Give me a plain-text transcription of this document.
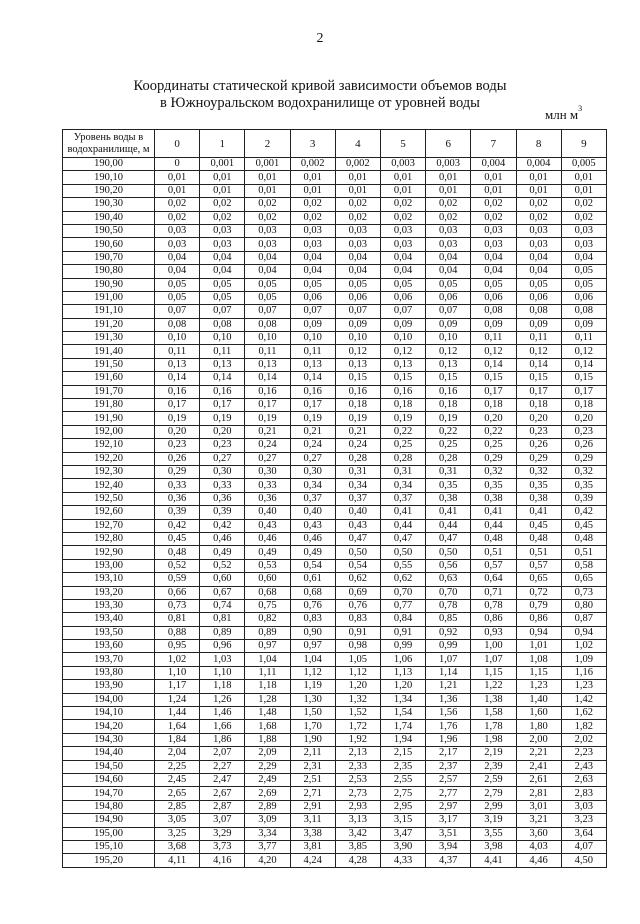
2
Координаты статической кривой зависимости объемов воды
в Южноуральском водохранилище от уровней воды
млн $м^3$
Уровень воды в водохранилище, м	0	1	2	3	4	5	6	7	8	9
190,00	0	0,001	0,001	0,002	0,002	0,003	0,003	0,004	0,004	0,005
190,10	0,01	0,01	0,01	0,01	0,01	0,01	0,01	0,01	0,01	0,01
190,20	0,01	0,01	0,01	0,01	0,01	0,01	0,01	0,01	0,01	0,01
190,30	0,02	0,02	0,02	0,02	0,02	0,02	0,02	0,02	0,02	0,02
190,40	0,02	0,02	0,02	0,02	0,02	0,02	0,02	0,02	0,02	0,02
190,50	0,03	0,03	0,03	0,03	0,03	0,03	0,03	0,03	0,03	0,03
190,60	0,03	0,03	0,03	0,03	0,03	0,03	0,03	0,03	0,03	0,03
190,70	0,04	0,04	0,04	0,04	0,04	0,04	0,04	0,04	0,04	0,04
190,80	0,04	0,04	0,04	0,04	0,04	0,04	0,04	0,04	0,04	0,05
190,90	0,05	0,05	0,05	0,05	0,05	0,05	0,05	0,05	0,05	0,05
191,00	0,05	0,05	0,05	0,06	0,06	0,06	0,06	0,06	0,06	0,06
191,10	0,07	0,07	0,07	0,07	0,07	0,07	0,07	0,08	0,08	0,08
191,20	0,08	0,08	0,08	0,09	0,09	0,09	0,09	0,09	0,09	0,09
191,30	0,10	0,10	0,10	0,10	0,10	0,10	0,10	0,11	0,11	0,11
191,40	0,11	0,11	0,11	0,11	0,12	0,12	0,12	0,12	0,12	0,12
191,50	0,13	0,13	0,13	0,13	0,13	0,13	0,13	0,14	0,14	0,14
191,60	0,14	0,14	0,14	0,14	0,15	0,15	0,15	0,15	0,15	0,15
191,70	0,16	0,16	0,16	0,16	0,16	0,16	0,16	0,17	0,17	0,17
191,80	0,17	0,17	0,17	0,17	0,18	0,18	0,18	0,18	0,18	0,18
191,90	0,19	0,19	0,19	0,19	0,19	0,19	0,19	0,20	0,20	0,20
192,00	0,20	0,20	0,21	0,21	0,21	0,22	0,22	0,22	0,23	0,23
192,10	0,23	0,23	0,24	0,24	0,24	0,25	0,25	0,25	0,26	0,26
192,20	0,26	0,27	0,27	0,27	0,28	0,28	0,28	0,29	0,29	0,29
192,30	0,29	0,30	0,30	0,30	0,31	0,31	0,31	0,32	0,32	0,32
192,40	0,33	0,33	0,33	0,34	0,34	0,34	0,35	0,35	0,35	0,35
192,50	0,36	0,36	0,36	0,37	0,37	0,37	0,38	0,38	0,38	0,39
192,60	0,39	0,39	0,40	0,40	0,40	0,41	0,41	0,41	0,41	0,42
192,70	0,42	0,42	0,43	0,43	0,43	0,44	0,44	0,44	0,45	0,45
192,80	0,45	0,46	0,46	0,46	0,47	0,47	0,47	0,48	0,48	0,48
192,90	0,48	0,49	0,49	0,49	0,50	0,50	0,50	0,51	0,51	0,51
193,00	0,52	0,52	0,53	0,54	0,54	0,55	0,56	0,57	0,57	0,58
193,10	0,59	0,60	0,60	0,61	0,62	0,62	0,63	0,64	0,65	0,65
193,20	0,66	0,67	0,68	0,68	0,69	0,70	0,70	0,71	0,72	0,73
193,30	0,73	0,74	0,75	0,76	0,76	0,77	0,78	0,78	0,79	0,80
193,40	0,81	0,81	0,82	0,83	0,83	0,84	0,85	0,86	0,86	0,87
193,50	0,88	0,89	0,89	0,90	0,91	0,91	0,92	0,93	0,94	0,94
193,60	0,95	0,96	0,97	0,97	0,98	0,99	0,99	1,00	1,01	1,02
193,70	1,02	1,03	1,04	1,04	1,05	1,06	1,07	1,07	1,08	1,09
193,80	1,10	1,10	1,11	1,12	1,12	1,13	1,14	1,15	1,15	1,16
193,90	1,17	1,18	1,18	1,19	1,20	1,20	1,21	1,22	1,23	1,23
194,00	1,24	1,26	1,28	1,30	1,32	1,34	1,36	1,38	1,40	1,42
194,10	1,44	1,46	1,48	1,50	1,52	1,54	1,56	1,58	1,60	1,62
194,20	1,64	1,66	1,68	1,70	1,72	1,74	1,76	1,78	1,80	1,82
194,30	1,84	1,86	1,88	1,90	1,92	1,94	1,96	1,98	2,00	2,02
194,40	2,04	2,07	2,09	2,11	2,13	2,15	2,17	2,19	2,21	2,23
194,50	2,25	2,27	2,29	2,31	2,33	2,35	2,37	2,39	2,41	2,43
194,60	2,45	2,47	2,49	2,51	2,53	2,55	2,57	2,59	2,61	2,63
194,70	2,65	2,67	2,69	2,71	2,73	2,75	2,77	2,79	2,81	2,83
194,80	2,85	2,87	2,89	2,91	2,93	2,95	2,97	2,99	3,01	3,03
194,90	3,05	3,07	3,09	3,11	3,13	3,15	3,17	3,19	3,21	3,23
195,00	3,25	3,29	3,34	3,38	3,42	3,47	3,51	3,55	3,60	3,64
195,10	3,68	3,73	3,77	3,81	3,85	3,90	3,94	3,98	4,03	4,07
195,20	4,11	4,16	4,20	4,24	4,28	4,33	4,37	4,41	4,46	4,50
